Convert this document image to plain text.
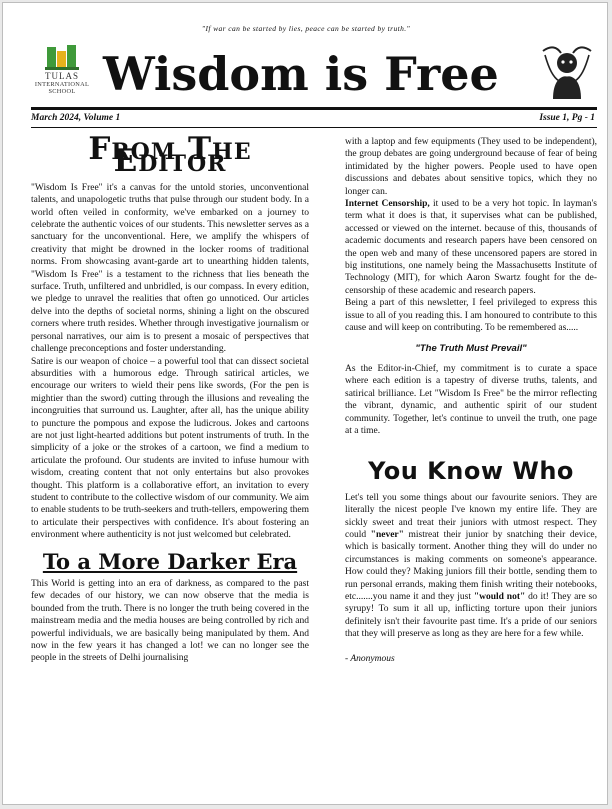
"If war can be started by lies, peace can be started by truth."
TULAS
INTERNATIONAL SCHOOL Wisdom is Free
March 2024, Volume 1	Issue 1, Pg - 1
From The Editor

"Wisdom Is Free" it's a canvas for the untold stories, unconventional talents, and unapologetic truths that pulse through our student body. In a world often veiled in conformity, we've embarked on a journey to celebrate the authentic voices of our students. This newsletter serves as a sanctuary for the unconventional. Here, we amplify the whispers of creativity that might be drowned in the locker rooms of traditional norms. From showcasing avant-garde art to unearthing hidden talents, "Wisdom Is Free" is a testament to the richness that lies beneath the surface. Truth, unfiltered and unbridled, is our compass. In every edition, we pledge to unravel the realities that often go unnoticed. Our articles delve into the depths of societal norms, shining a light on the obscured corners where truth resides. Whether through investigative journalism or personal narratives, our aim is to present a mosaic of perspectives that challenge preconceptions and foster understanding.

Satire is our weapon of choice – a powerful tool that can dissect societal absurdities with a humorous edge. Through satirical articles, we encourage our writers to wield their pens like swords, (For the pen is mightier than the sword) cutting through the illusions and revealing the incongruities that surround us. Laughter, after all, has the unique ability to puncture the pompous and expose the ludicrous. Jokes and cartoons are not just light-hearted additions but potent instruments of truth. In the simplicity of a joke or the strokes of a cartoon, we find a medium to articulate the profound. Our students are invited to infuse humour with wisdom, creating content that not only entertains but also provokes thought. This platform is a collaborative effort, an invitation to every student to contribute to the collective wisdom of our community. We aim to enable students to be truth-seekers and truth-tellers, empowering them to articulate their perspectives with confidence. It's about fostering an environment where authenticity is not just welcomed but celebrated.

To a More Darker Era

This World is getting into an era of darkness, as compared to the past few decades of our history, we can now observe that the media is bounded from the truth. There is no longer the truth being covered in the mainstream media and the media houses are being controlled by rich and powerful individuals, we are basically being manipulated by them. And now in the few years it has changed a lot! we can no longer see the people in the streets of Delhi journalising

with a laptop and few equipments (They used to be independent), the group debates are going underground because of fear of being intimidated by the higher powers. People used to have open discussions and debates about sensitive topics, which they no longer can.

Internet Censorship, it used to be a very hot topic. In layman's term what it does is that, it supervises what can be published, accessed or viewed on the internet. because of this, thousands of academic documents and research papers have been censored on the open web and many of these uncensored papers are stored in big institutions, one namely being the Massachusetts Institute of Technology (MIT), for which Aaron Swartz fought for the de-censorship of these academic and research papers.

Being a part of this newsletter, I feel privileged to express this issue to all of you reading this. I am honoured to contribute to this cause and will keep on contributing. To be remembered as.....

"The Truth Must Prevail"

As the Editor-in-Chief, my commitment is to curate a space where each edition is a tapestry of diverse truths, talents, and satirical brilliance. Let "Wisdom Is Free" be the mirror reflecting the vibrant, dynamic, and authentic spirit of our student community. Together, let's continue to unveil the truth, one page at a time.

You Know Who

Let's tell you some things about our favourite seniors. They are literally the nicest people I've known my entire life. They are sickly sweet and treat their juniors with utmost respect. They could "never" mistreat their junior by snatching their device, which is basically torment. Another thing they will do under no circumstances is making comments on someone's appearance. How could they? Making juniors fill their bottle, sending them to run personal errands, making them finish writing their notebooks, etc.......you name it and they just "would not" do it! They are so syrupy! To sum it all up, inflicting torture upon their juniors definitely isn't their favourite past time. It's a pride of our seniors that they will preserve as long as they are here for a few while.

- Anonymous
